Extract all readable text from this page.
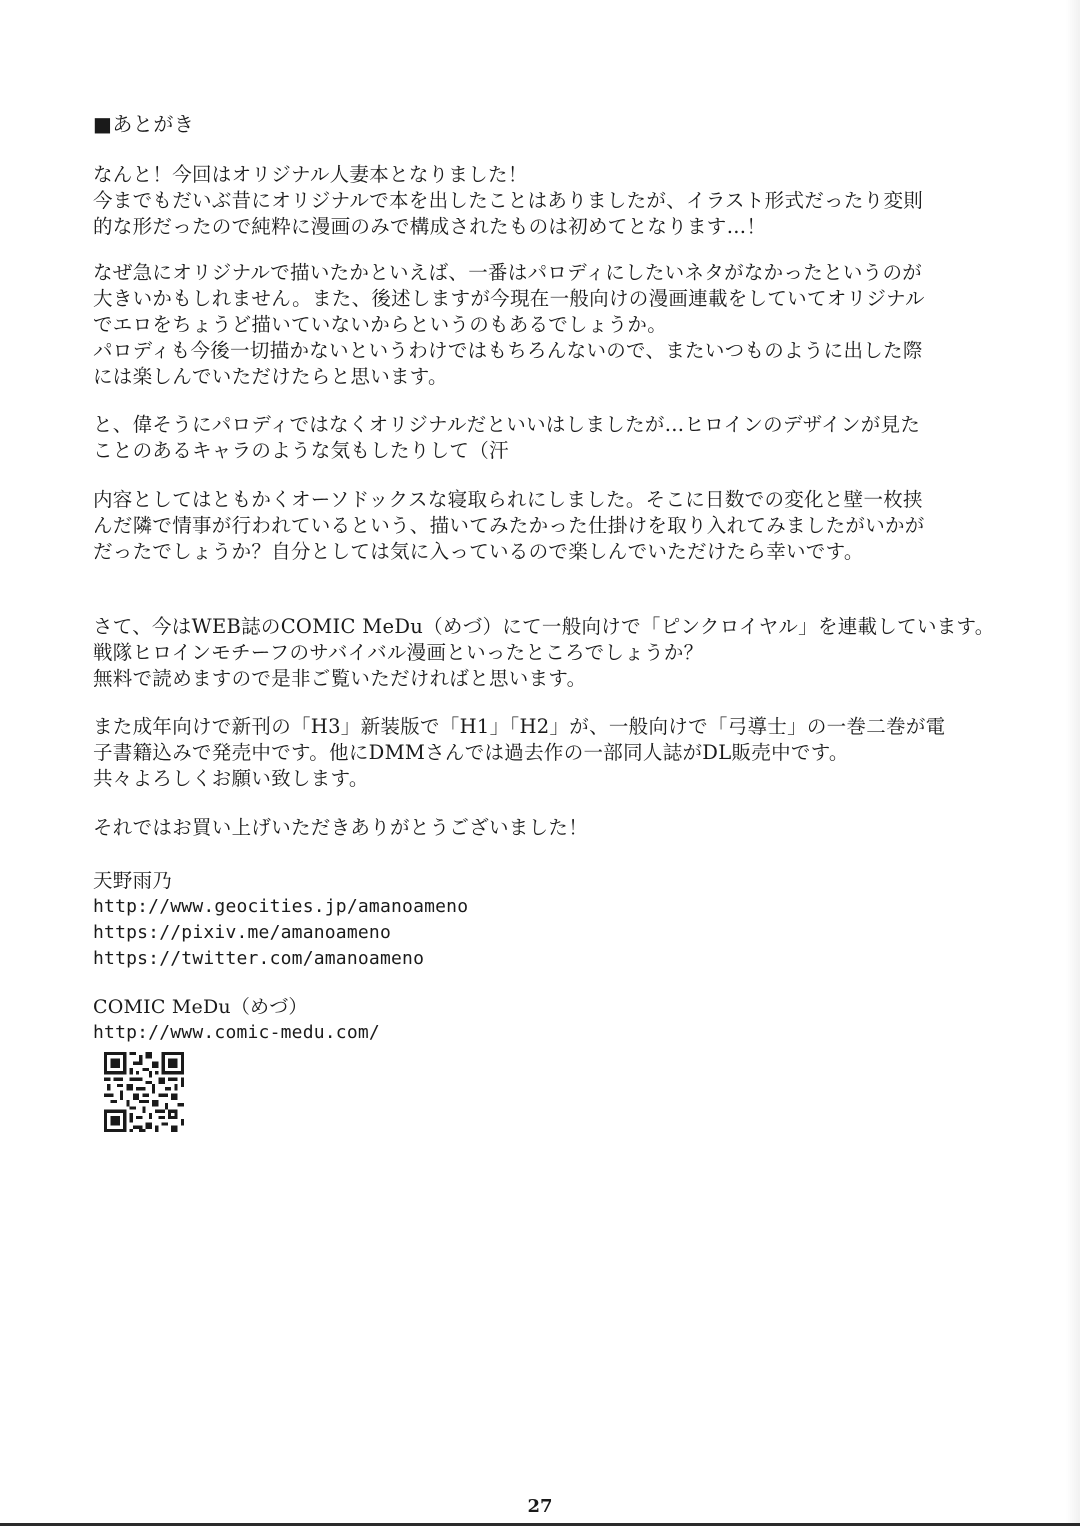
■あとがき
なんと！今回はオリジナル人妻本となりました！
今までもだいぶ昔にオリジナルで本を出したことはありましたが、イラスト形式だったり変則
的な形だったので純粋に漫画のみで構成されたものは初めてとなります…！
なぜ急にオリジナルで描いたかといえば、一番はパロディにしたいネタがなかったというのが
大きいかもしれません。また、後述しますが今現在一般向けの漫画連載をしていてオリジナル
でエロをちょうど描いていないからというのもあるでしょうか。
パロディも今後一切描かないというわけではもちろんないので、またいつものように出した際
には楽しんでいただけたらと思います。
と、偉そうにパロディではなくオリジナルだといいはしましたが…ヒロインのデザインが見た
ことのあるキャラのような気もしたりして（汗
内容としてはともかくオーソドックスな寝取られにしました。そこに日数での変化と壁一枚挟
んだ隣で情事が行われているという、描いてみたかった仕掛けを取り入れてみましたがいかが
だったでしょうか？自分としては気に入っているので楽しんでいただけたら幸いです。
さて、今はWEB誌のCOMIC MeDu（めづ）にて一般向けで「ピンクロイヤル」を連載しています。
戦隊ヒロインモチーフのサバイバル漫画といったところでしょうか？
無料で読めますので是非ご覧いただければと思います。
また成年向けで新刊の「H3」新装版で「H1」「H2」が、一般向けで「弓導士」の一巻二巻が電
子書籍込みで発売中です。他にDMMさんでは過去作の一部同人誌がDL販売中です。
共々よろしくお願い致します。
それではお買い上げいただきありがとうございました！
天野雨乃
http://www.geocities.jp/amanoameno
https://pixiv.me/amanoameno
https://twitter.com/amanoameno
COMIC MeDu（めづ）
http://www.comic-medu.com/
27
